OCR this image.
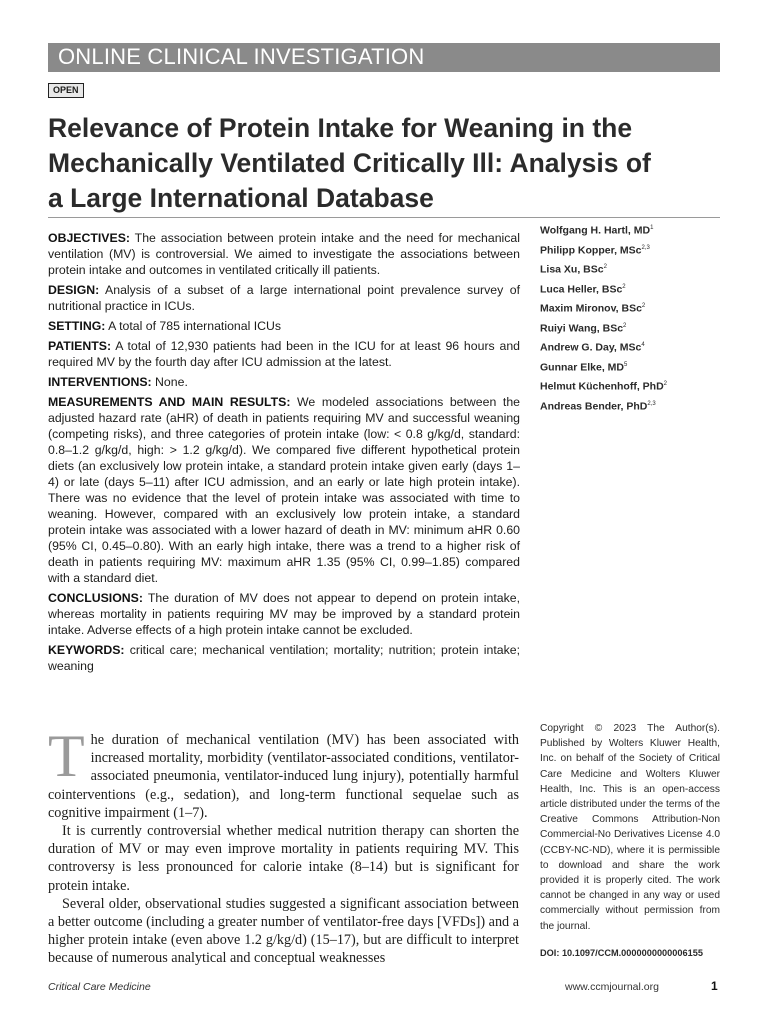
ONLINE CLINICAL INVESTIGATION
OPEN
Relevance of Protein Intake for Weaning in the
Mechanically Ventilated Critically Ill: Analysis of
a Large International Database

OBJECTIVES: The association between protein intake and the need for mechanical ventilation (MV) is controversial. We aimed to investigate the associations between protein intake and outcomes in ventilated critically ill patients.

DESIGN: Analysis of a subset of a large international point prevalence survey of nutritional practice in ICUs.

SETTING: A total of 785 international ICUs

PATIENTS: A total of 12,930 patients had been in the ICU for at least 96 hours and required MV by the fourth day after ICU admission at the latest.

INTERVENTIONS: None.

MEASUREMENTS AND MAIN RESULTS: We modeled associations between the adjusted hazard rate (aHR) of death in patients requiring MV and successful weaning (competing risks), and three categories of protein intake (low: < 0.8 g/kg/d, standard: 0.8–1.2 g/kg/d, high: > 1.2 g/kg/d). We compared five different hypothetical protein diets (an exclusively low protein intake, a standard protein intake given early (days 1–4) or late (days 5–11) after ICU admission, and an early or late high protein intake). There was no evidence that the level of protein intake was associated with time to weaning. However, compared with an exclusively low protein intake, a standard protein intake was associated with a lower hazard of death in MV: minimum aHR 0.60 (95% CI, 0.45–0.80). With an early high intake, there was a trend to a higher risk of death in patients requiring MV: maximum aHR 1.35 (95% CI, 0.99–1.85) compared with a standard diet.

CONCLUSIONS: The duration of MV does not appear to depend on protein intake, whereas mortality in patients requiring MV may be improved by a standard protein intake. Adverse effects of a high protein intake cannot be excluded.

KEYWORDS: critical care; mechanical ventilation; mortality; nutrition; protein intake; weaning

Wolfgang H. Hartl, $MD^1$
Philipp Kopper, MSc$^{2,3}$
Lisa Xu, BSc$^2$
Luca Heller, BSc$^2$
Maxim Mironov, BSc$^2$
Ruiyi Wang, BSc$^2$
Andrew G. Day, MSc$^4$
Gunnar Elke, $MD^5$
Helmut Küchenhoff, PhD$^2$
Andreas Bender, PhD$^{2,3}$

The duration of mechanical ventilation (MV) has been associated with increased mortality, morbidity (ventilator-associated conditions, ventilator-associated pneumonia, ventilator-induced lung injury), potentially harmful cointerventions (e.g., sedation), and long-term functional sequelae such as cognitive impairment (1–7).

It is currently controversial whether medical nutrition therapy can shorten the duration of MV or may even improve mortality in patients requiring MV. This controversy is less pronounced for calorie intake (8–14) but is significant for protein intake.

Several older, observational studies suggested a significant association between a better outcome (including a greater number of ventilator-free days [VFDs]) and a higher protein intake (even above 1.2 g/kg/d) (15–17), but are difficult to interpret because of numerous analytical and conceptual weaknesses

Copyright © 2023 The Author(s). Published by Wolters Kluwer Health, Inc. on behalf of the Society of Critical Care Medicine and Wolters Kluwer Health, Inc. This is an open-access article distributed under the terms of the Creative Commons Attribution-Non Commercial-No Derivatives License 4.0 (CCBY-NC-ND), where it is permissible to download and share the work provided it is properly cited. The work cannot be changed in any way or used commercially without permission from the journal.
DOI: 10.1097/CCM.0000000000006155
Critical Care Medicine	www.ccmjournal.org	1
